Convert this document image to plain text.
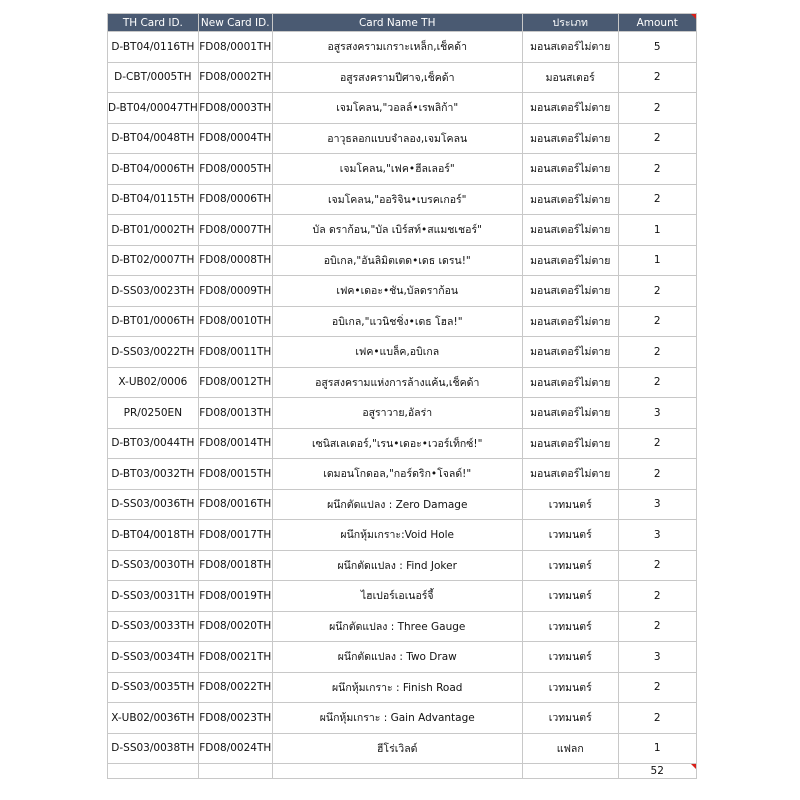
TH Card ID.	New Card ID.	Card Name TH	ประเภท	Amount

D-BT04/0116TH	FD08/0001TH	อสูรสงครามเกราะเหล็ก,เช็คด้า	มอนสเตอร์ไม่ตาย	5
D-CBT/0005TH	FD08/0002TH	อสูรสงครามปีศาจ,เช็คด้า	มอนสเตอร์	2
D-BT04/00047TH	FD08/0003TH	เจมโคลน,"วอลล์•เรพลิก้า"	มอนสเตอร์ไม่ตาย	2
D-BT04/0048TH	FD08/0004TH	อาวุธลอกแบบจำลอง,เจมโคลน	มอนสเตอร์ไม่ตาย	2
D-BT04/0006TH	FD08/0005TH	เจมโคลน,"เฟค•ฮีลเลอร์"	มอนสเตอร์ไม่ตาย	2
D-BT04/0115TH	FD08/0006TH	เจมโคลน,"ออริจิน•เบรคเกอร์"	มอนสเตอร์ไม่ตาย	2
D-BT01/0002TH	FD08/0007TH	บัล ดราก้อน,"บัล เบิร์สท์•สแมชเชอร์"	มอนสเตอร์ไม่ตาย	1
D-BT02/0007TH	FD08/0008TH	อบิเกล,"อันลิมิตเตด•เดธ เดรน!"	มอนสเตอร์ไม่ตาย	1
D-SS03/0023TH	FD08/0009TH	เฟค•เดอะ•ชัน,บัลดราก้อน	มอนสเตอร์ไม่ตาย	2
D-BT01/0006TH	FD08/0010TH	อบิเกล,"แวนิชชิ่ง•เดธ โฮล!"	มอนสเตอร์ไม่ตาย	2
D-SS03/0022TH	FD08/0011TH	เฟค•แบล็ค,อบิเกล	มอนสเตอร์ไม่ตาย	2
X-UB02/0006	FD08/0012TH	อสูรสงครามแห่งการล้างแค้น,เช็คด้า	มอนสเตอร์ไม่ตาย	2
PR/0250EN	FD08/0013TH	อสูราวาย,อัลร่า	มอนสเตอร์ไม่ตาย	3
D-BT03/0044TH	FD08/0014TH	เซนิสเลเดอร์,"เรน•เดอะ•เวอร์เท็กซ์!"	มอนสเตอร์ไม่ตาย	2
D-BT03/0032TH	FD08/0015TH	เดมอนโกดอล,"กอร์ดริก•โจลด์!"	มอนสเตอร์ไม่ตาย	2
D-SS03/0036TH	FD08/0016TH	ผนึกตัดแปลง : Zero Damage	เวทมนตร์	3
D-BT04/0018TH	FD08/0017TH	ผนึกหุ้มเกราะ:Void Hole	เวทมนตร์	3
D-SS03/0030TH	FD08/0018TH	ผนึกตัดแปลง : Find Joker	เวทมนตร์	2
D-SS03/0031TH	FD08/0019TH	ไฮเปอร์เอเนอร์จี้	เวทมนตร์	2
D-SS03/0033TH	FD08/0020TH	ผนึกตัดแปลง : Three Gauge	เวทมนตร์	2
D-SS03/0034TH	FD08/0021TH	ผนึกตัดแปลง : Two Draw	เวทมนตร์	3
D-SS03/0035TH	FD08/0022TH	ผนึกหุ้มเกราะ : Finish Road	เวทมนตร์	2
X-UB02/0036TH	FD08/0023TH	ผนึกหุ้มเกราะ : Gain Advantage	เวทมนตร์	2
D-SS03/0038TH	FD08/0024TH	ฮีโร่เวิลด์	แฟลก	1
				52
